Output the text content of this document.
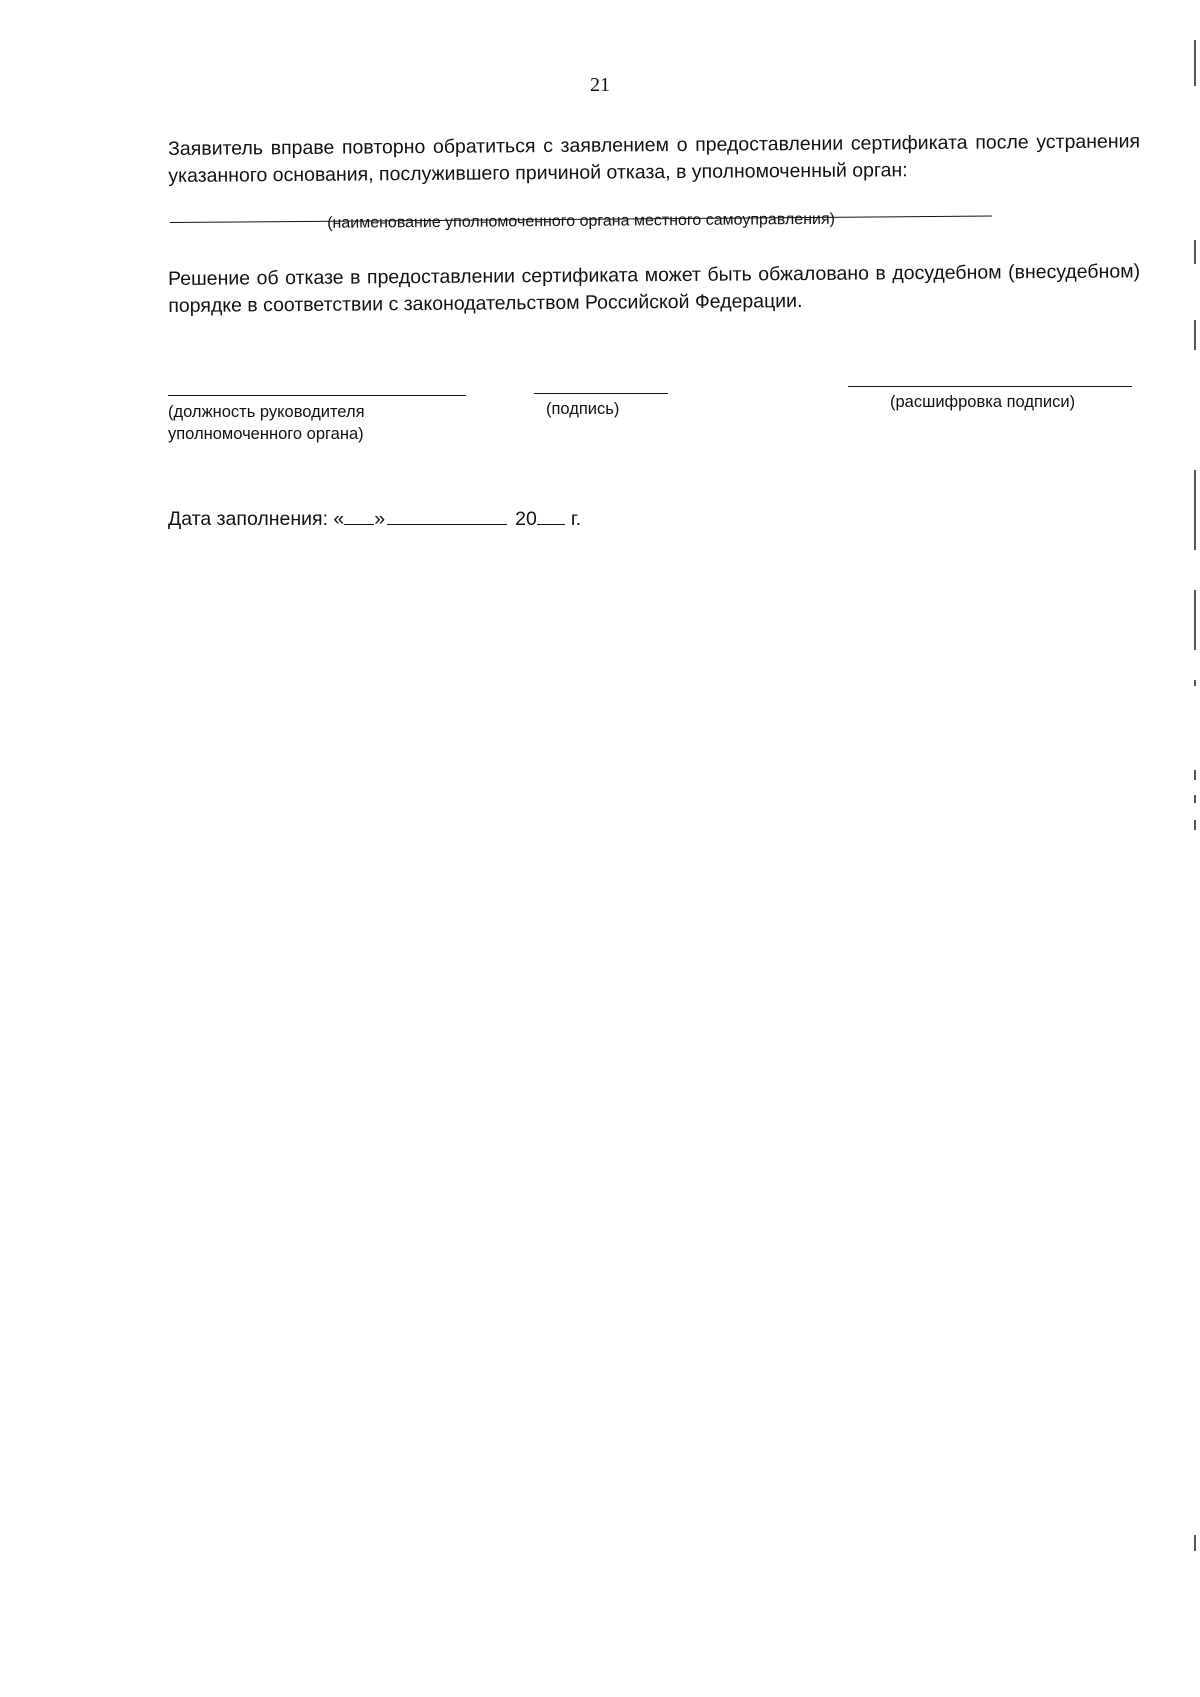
21
Заявитель вправе повторно обратиться с заявлением о предоставлении сертификата после устранения указанного основания, послужившего причиной отказа, в уполномоченный орган:
(наименование уполномоченного органа местного самоуправления)
Решение об отказе в предоставлении сертификата может быть обжаловано в досудебном (внесудебном) порядке в соответствии с законодательством Российской Федерации.
(должность руководителя уполномоченного органа)
(подпись)	(расшифровка подписи)
Дата заполнения: « »	20 г.
